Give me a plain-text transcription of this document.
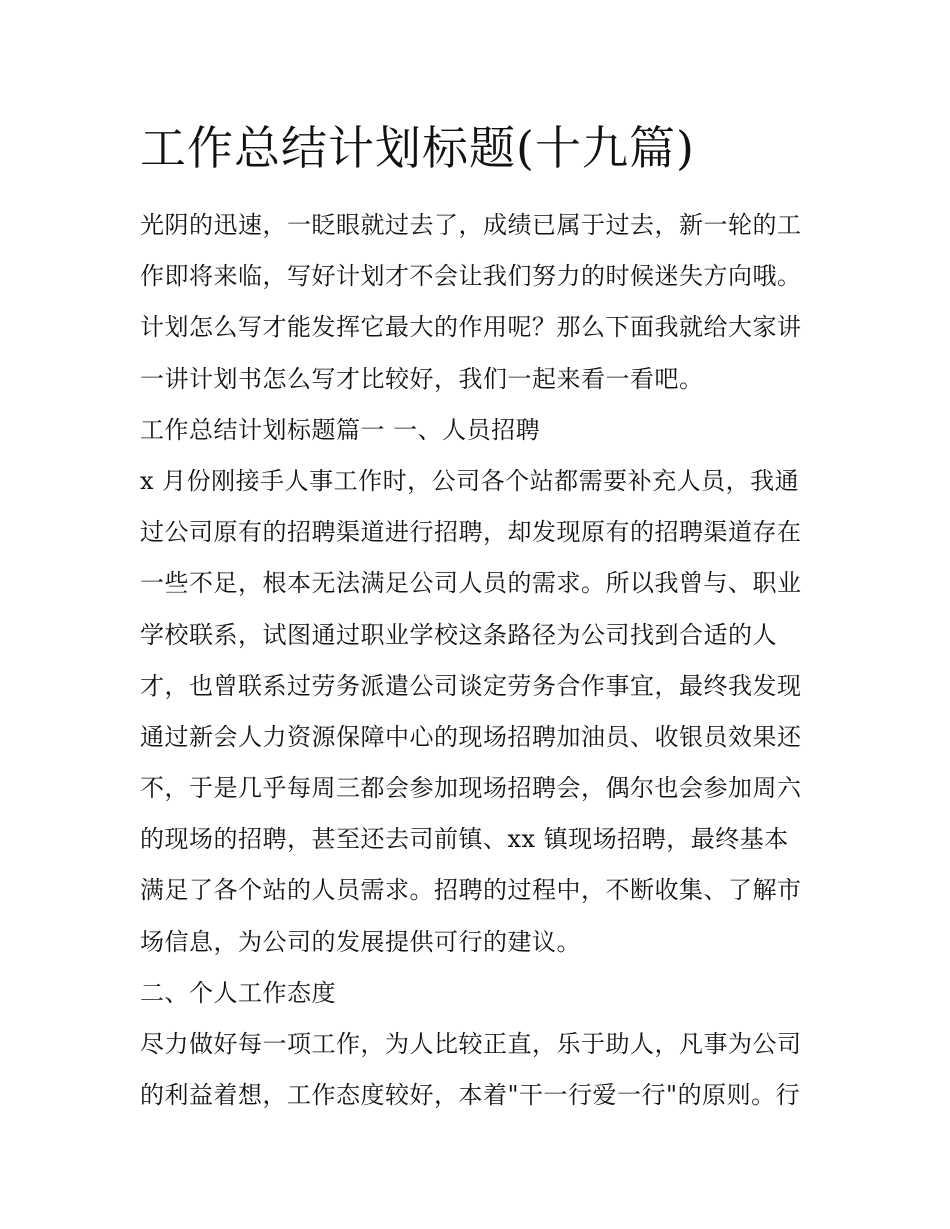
工作总结计划标题(十九篇)
光阴的迅速，一眨眼就过去了，成绩已属于过去，新一轮的工
作即将来临，写好计划才不会让我们努力的时候迷失方向哦。
计划怎么写才能发挥它最大的作用呢？那么下面我就给大家讲
一讲计划书怎么写才比较好，我们一起来看一看吧。
工作总结计划标题篇一 一、人员招聘
x 月份刚接手人事工作时，公司各个站都需要补充人员，我通
过公司原有的招聘渠道进行招聘，却发现原有的招聘渠道存在
一些不足，根本无法满足公司人员的需求。所以我曾与、职业
学校联系，试图通过职业学校这条路径为公司找到合适的人
才，也曾联系过劳务派遣公司谈定劳务合作事宜，最终我发现
通过新会人力资源保障中心的现场招聘加油员、收银员效果还
不，于是几乎每周三都会参加现场招聘会，偶尔也会参加周六
的现场的招聘，甚至还去司前镇、xx 镇现场招聘，最终基本
满足了各个站的人员需求。招聘的过程中，不断收集、了解市
场信息，为公司的发展提供可行的建议。
二、个人工作态度
尽力做好每一项工作，为人比较正直，乐于助人，凡事为公司
的利益着想，工作态度较好，本着"干一行爱一行"的原则。行
